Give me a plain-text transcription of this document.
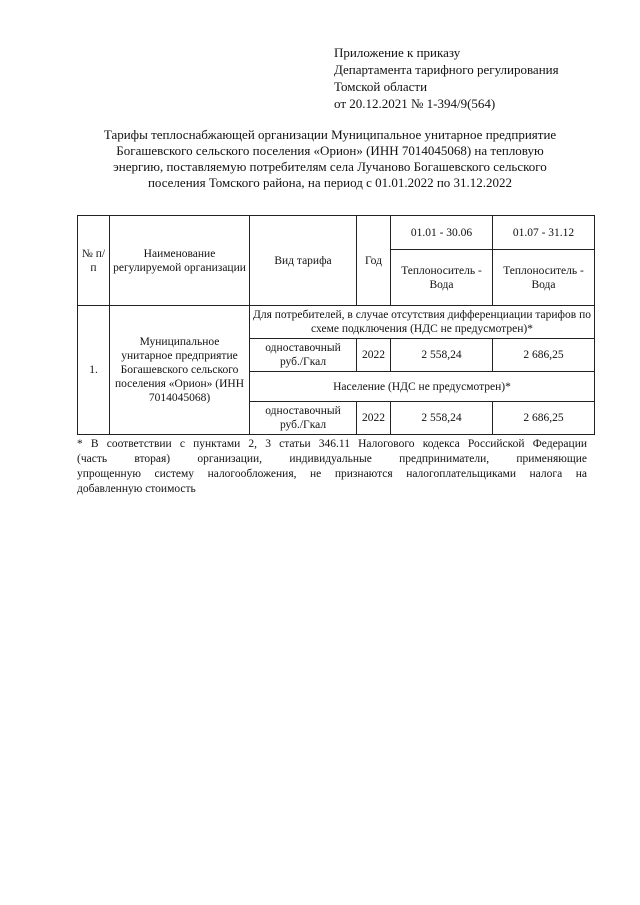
Приложение к приказу
Департамента тарифного регулирования
Томской области
от 20.12.2021 № 1-394/9(564)
Тарифы теплоснабжающей организации Муниципальное унитарное предприятие
Богашевского сельского поселения «Орион» (ИНН 7014045068) на тепловую
энергию, поставляемую потребителям села Лучаново Богашевского сельского
поселения Томского района, на период с 01.01.2022 по 31.12.2022
№ п/п	Наименование регулируемой организации	Вид тарифа	Год	01.01 - 30.06	01.07 - 31.12
				Теплоноситель - Вода	Теплоноситель - Вода
1.	Муниципальное унитарное предприятие Богашевского сельского поселения «Орион» (ИНН 7014045068)	Для потребителей, в случае отсутствия дифференциации тарифов по схеме подключения (НДС не предусмотрен)*			
		одноставочный руб./Гкал	2022	2 558,24	2 686,25
		Население (НДС не предусмотрен)*			
		одноставочный руб./Гкал	2022	2 558,24	2 686,25
* В соответствии с пунктами 2, 3 статьи 346.11 Налогового кодекса Российской Федерации
(часть вторая) организации, индивидуальные предприниматели, применяющие
упрощенную систему налогообложения, не признаются налогоплательщиками налога на
добавленную стоимость
